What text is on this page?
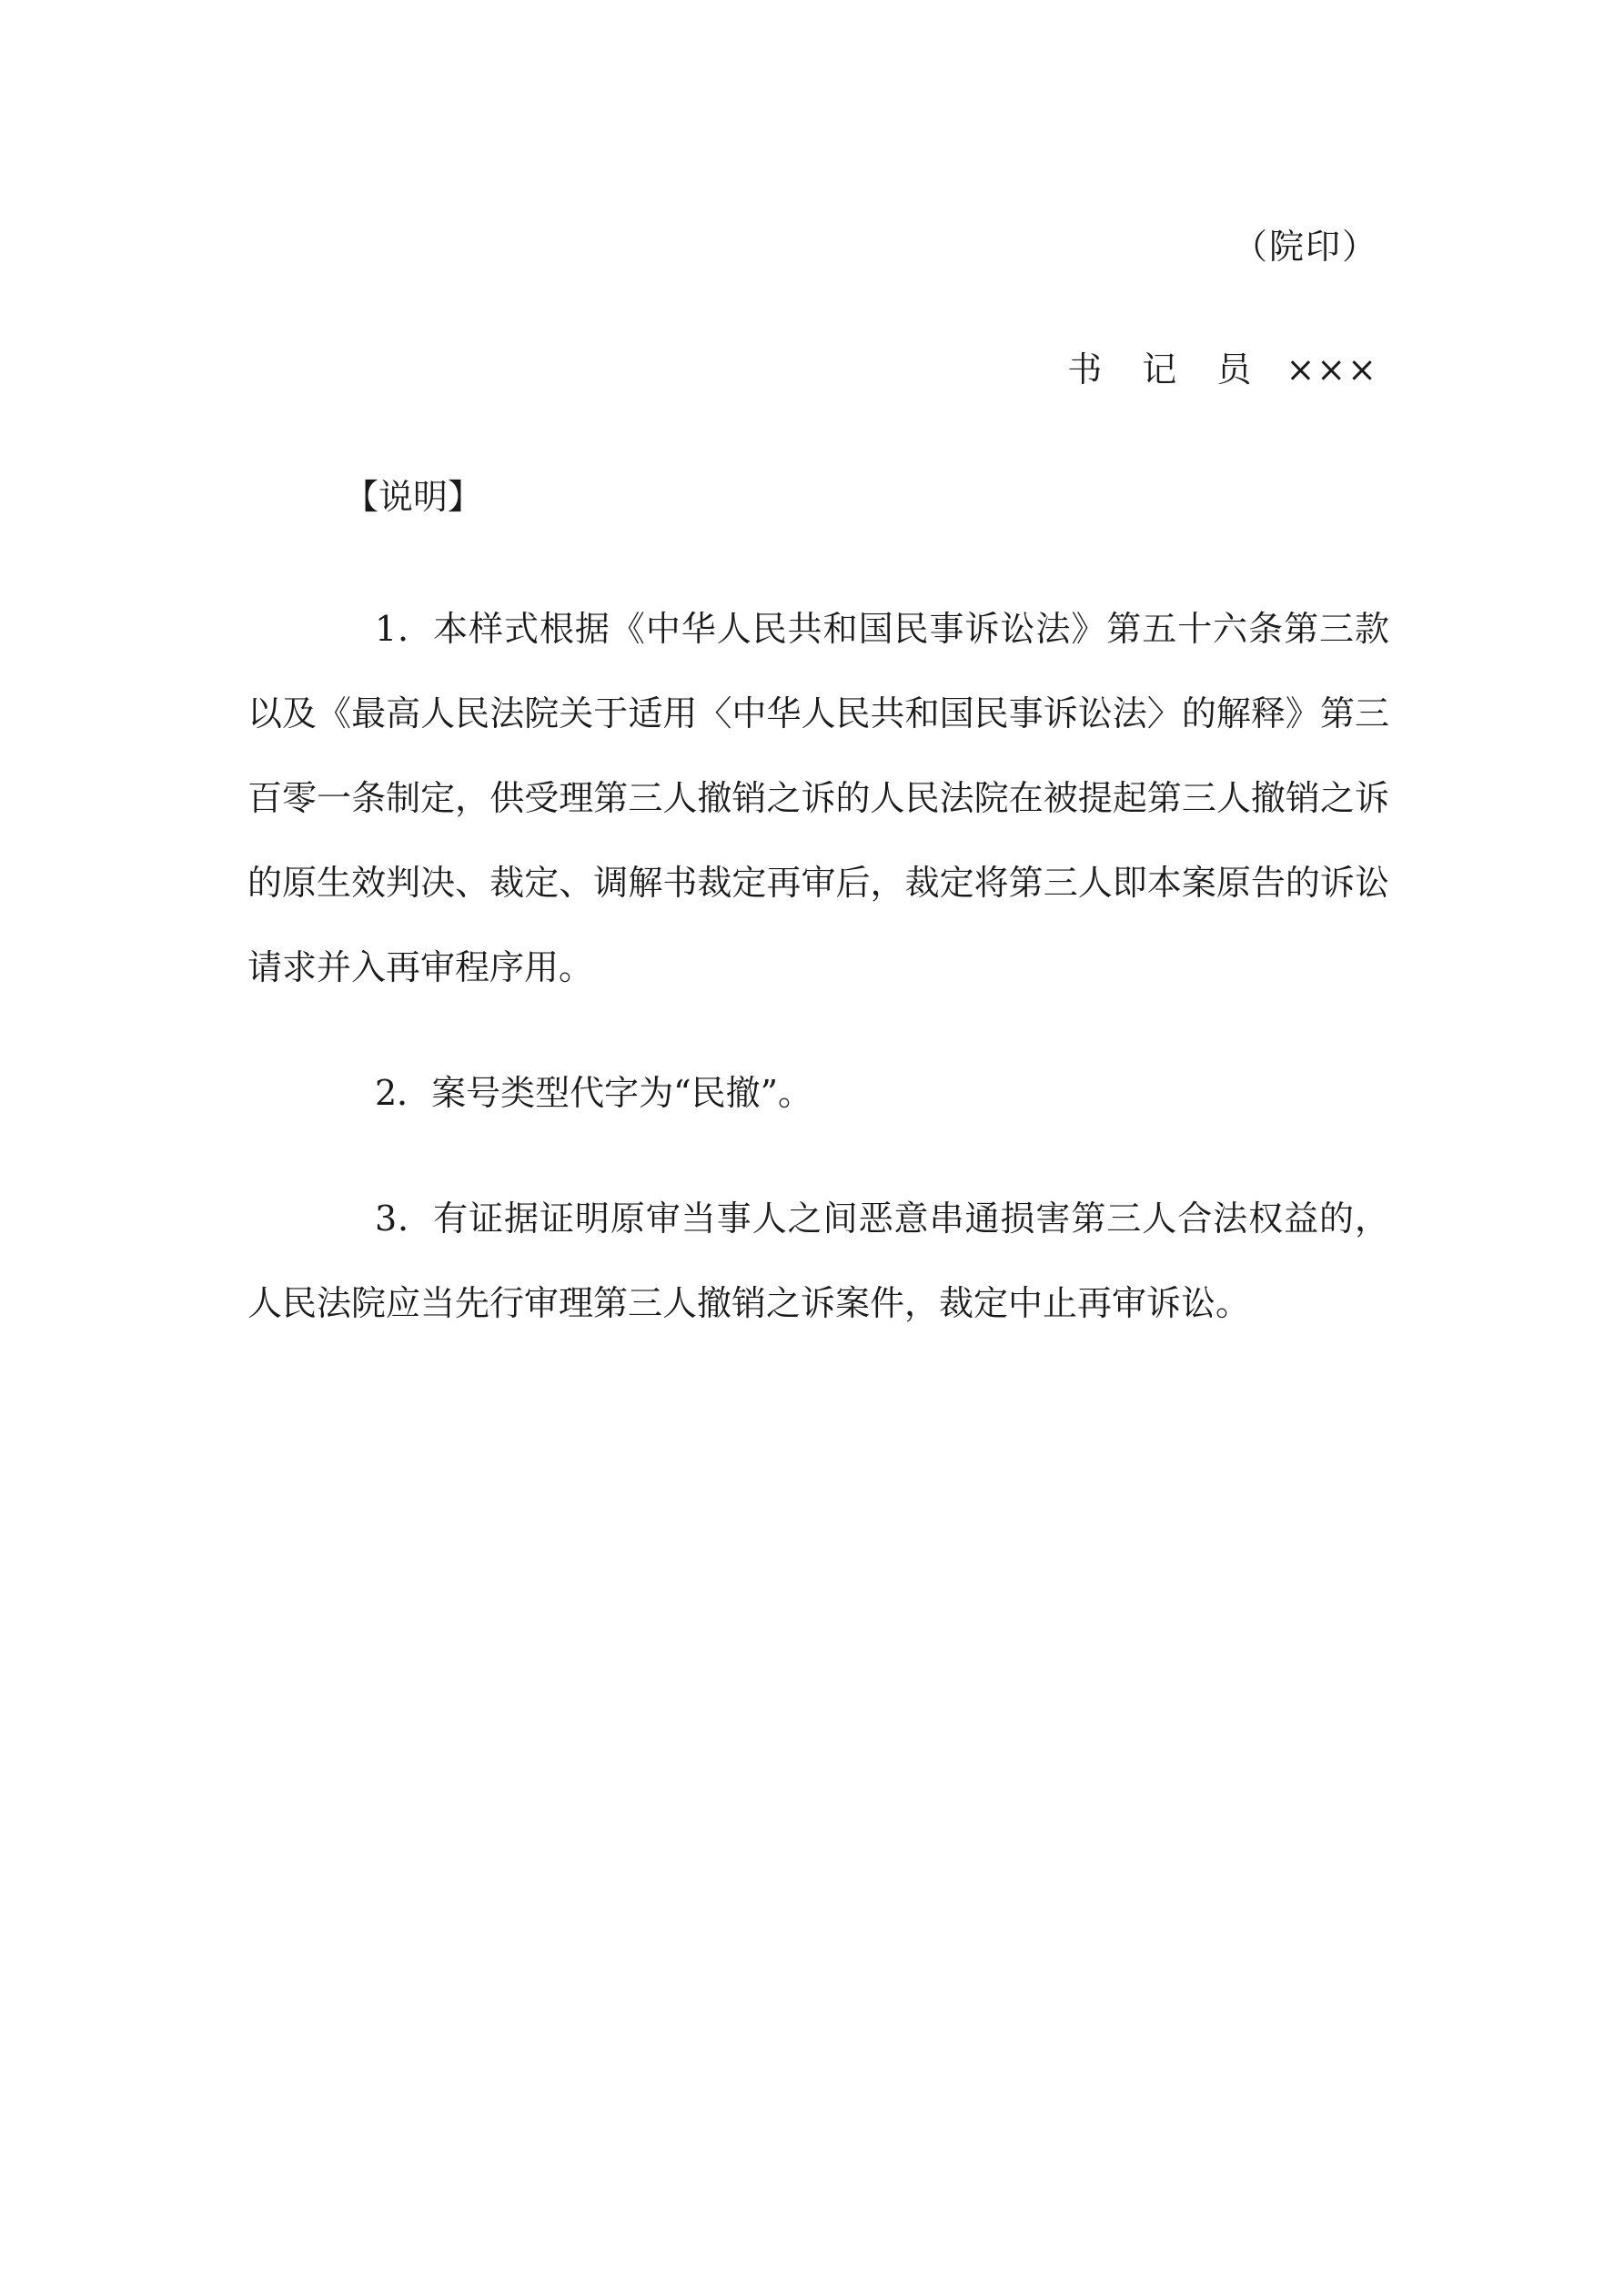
（院印）
书 记 员 ×××
【说明】

1．本样式根据《中华人民共和国民事诉讼法》第五十六条第三款以及《最高人民法院关于适用〈中华人民共和国民事诉讼法〉的解释》第三百零一条制定，供受理第三人撤销之诉的人民法院在被提起第三人撤销之诉的原生效判决、裁定、调解书裁定再审后，裁定将第三人即本案原告的诉讼请求并入再审程序用。

2．案号类型代字为“民撤”。

3．有证据证明原审当事人之间恶意串通损害第三人合法权益的，人民法院应当先行审理第三人撤销之诉案件，裁定中止再审诉讼。
